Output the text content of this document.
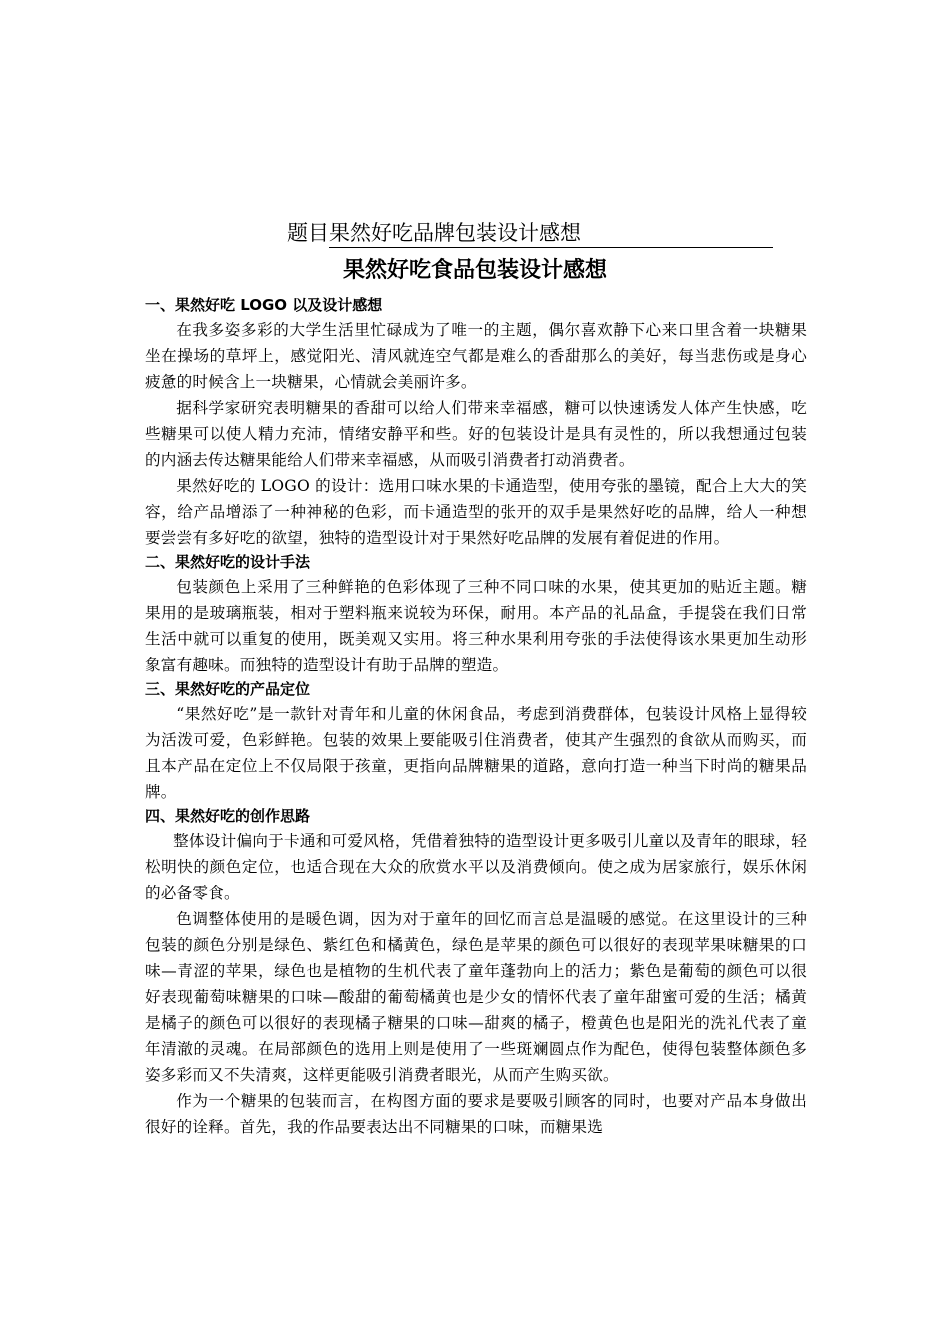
题目果然好吃品牌包装设计感想
果然好吃食品包装设计感想

一、果然好吃 LOGO 以及设计感想

在我多姿多彩的大学生活里忙碌成为了唯一的主题，偶尔喜欢静下心来口里含着一块糖果坐在操场的草坪上，感觉阳光、清风就连空气都是难么的香甜那么的美好，每当悲伤或是身心疲惫的时候含上一块糖果，心情就会美丽许多。

据科学家研究表明糖果的香甜可以给人们带来幸福感，糖可以快速诱发人体产生快感，吃些糖果可以使人精力充沛，情绪安静平和些。好的包装设计是具有灵性的，所以我想通过包装的内涵去传达糖果能给人们带来幸福感，从而吸引消费者打动消费者。

果然好吃的 LOGO 的设计：选用口味水果的卡通造型，使用夸张的墨镜，配合上大大的笑容，给产品增添了一种神秘的色彩，而卡通造型的张开的双手是果然好吃的品牌，给人一种想要尝尝有多好吃的欲望，独特的造型设计对于果然好吃品牌的发展有着促进的作用。

二、果然好吃的设计手法

包装颜色上采用了三种鲜艳的色彩体现了三种不同口味的水果，使其更加的贴近主题。糖果用的是玻璃瓶装，相对于塑料瓶来说较为环保，耐用。本产品的礼品盒，手提袋在我们日常生活中就可以重复的使用，既美观又实用。将三种水果利用夸张的手法使得该水果更加生动形象富有趣味。而独特的造型设计有助于品牌的塑造。

三、果然好吃的产品定位

“果然好吃”是一款针对青年和儿童的休闲食品，考虑到消费群体，包装设计风格上显得较为活泼可爱，色彩鲜艳。包装的效果上要能吸引住消费者，使其产生强烈的食欲从而购买，而且本产品在定位上不仅局限于孩童，更指向品牌糖果的道路，意向打造一种当下时尚的糖果品牌。

四、果然好吃的创作思路

整体设计偏向于卡通和可爱风格，凭借着独特的造型设计更多吸引儿童以及青年的眼球，轻松明快的颜色定位，也适合现在大众的欣赏水平以及消费倾向。使之成为居家旅行，娱乐休闲的必备零食。

色调整体使用的是暖色调，因为对于童年的回忆而言总是温暖的感觉。在这里设计的三种包装的颜色分别是绿色、紫红色和橘黄色，绿色是苹果的颜色可以很好的表现苹果味糖果的口味—青涩的苹果，绿色也是植物的生机代表了童年蓬勃向上的活力；紫色是葡萄的颜色可以很好表现葡萄味糖果的口味—酸甜的葡萄橘黄也是少女的情怀代表了童年甜蜜可爱的生活；橘黄是橘子的颜色可以很好的表现橘子糖果的口味—甜爽的橘子，橙黄色也是阳光的洗礼代表了童年清澈的灵魂。在局部颜色的选用上则是使用了一些斑斓圆点作为配色，使得包装整体颜色多姿多彩而又不失清爽，这样更能吸引消费者眼光，从而产生购买欲。

作为一个糖果的包装而言，在构图方面的要求是要吸引顾客的同时，也要对产品本身做出很好的诠释。首先，我的作品要表达出不同糖果的口味，而糖果选
